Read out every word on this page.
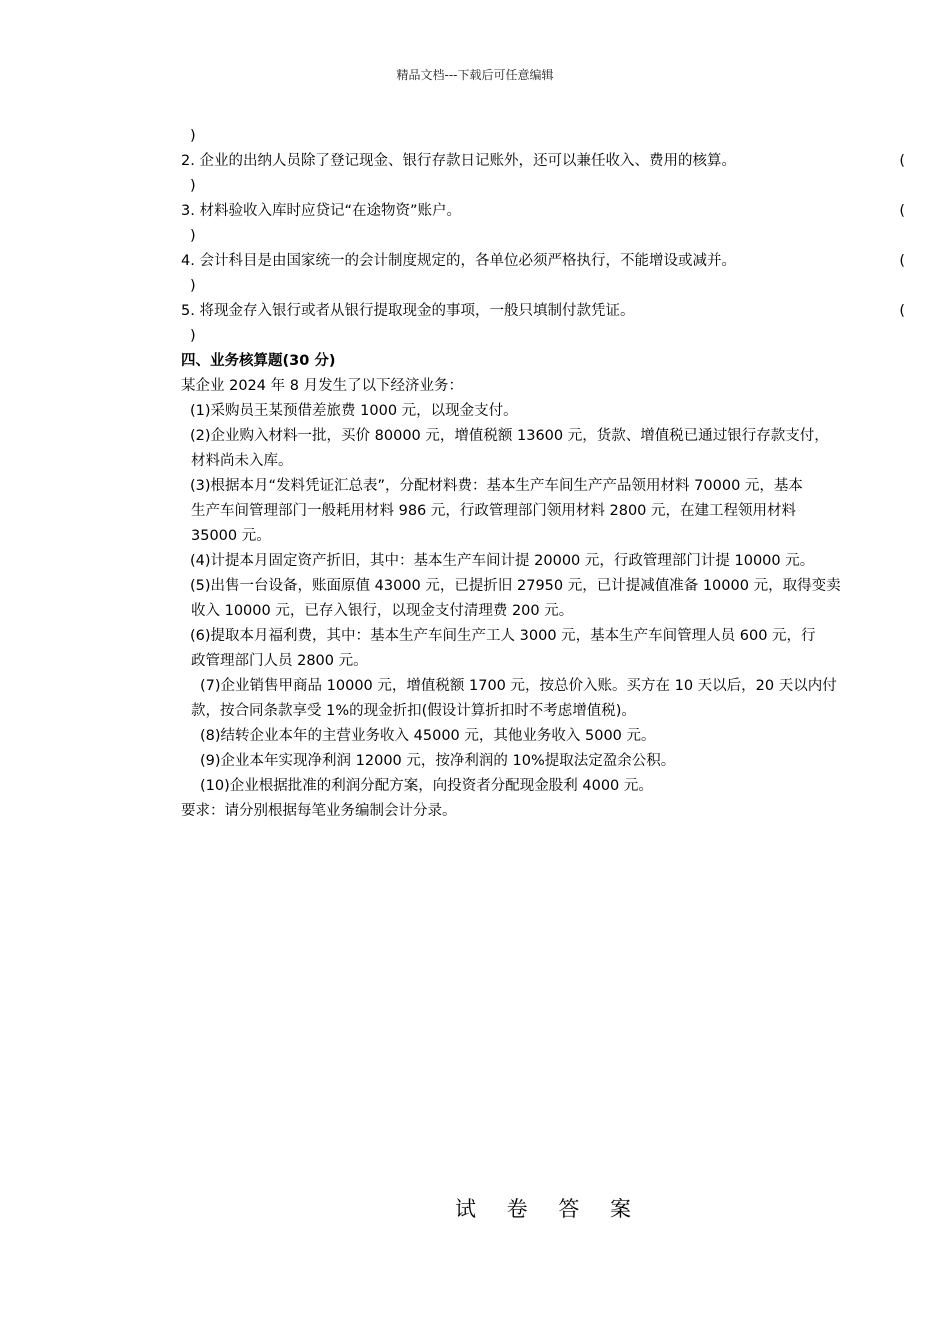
精品文档---下载后可任意编辑
)
2. 企业的出纳人员除了登记现金、银行存款日记账外，还可以兼任收入、费用的核算。	(
)
3. 材料验收入库时应贷记“在途物资”账户。	(
)
4. 会计科目是由国家统一的会计制度规定的，各单位必须严格执行，不能增设或减并。	(
)
5. 将现金存入银行或者从银行提取现金的事项，一般只填制付款凭证。	(
)
四、业务核算题(30 分)
某企业 2024 年 8 月发生了以下经济业务：
(1)采购员王某预借差旅费 1000 元，以现金支付。
(2)企业购入材料一批，买价 80000 元，增值税额 13600 元，货款、增值税已通过银行存款支付，
材料尚未入库。
(3)根据本月“发料凭证汇总表”，分配材料费：基本生产车间生产产品领用材料 70000 元，基本
生产车间管理部门一般耗用材料 986 元，行政管理部门领用材料 2800 元，在建工程领用材料
35000 元。
(4)计提本月固定资产折旧，其中：基本生产车间计提 20000 元，行政管理部门计提 10000 元。
(5)出售一台设备，账面原值 43000 元，已提折旧 27950 元，已计提减值准备 10000 元，取得变卖
收入 10000 元，已存入银行，以现金支付清理费 200 元。
(6)提取本月福利费，其中：基本生产车间生产工人 3000 元，基本生产车间管理人员 600 元，行
政管理部门人员 2800 元。
(7)企业销售甲商品 10000 元，增值税额 1700 元，按总价入账。买方在 10 天以后，20 天以内付
款，按合同条款享受 1%的现金折扣(假设计算折扣时不考虑增值税)。
(8)结转企业本年的主营业务收入 45000 元，其他业务收入 5000 元。
(9)企业本年实现净利润 12000 元，按净利润的 10%提取法定盈余公积。
(10)企业根据批准的利润分配方案，向投资者分配现金股利 4000 元。
要求：请分别根据每笔业务编制会计分录。
试 卷 答 案
